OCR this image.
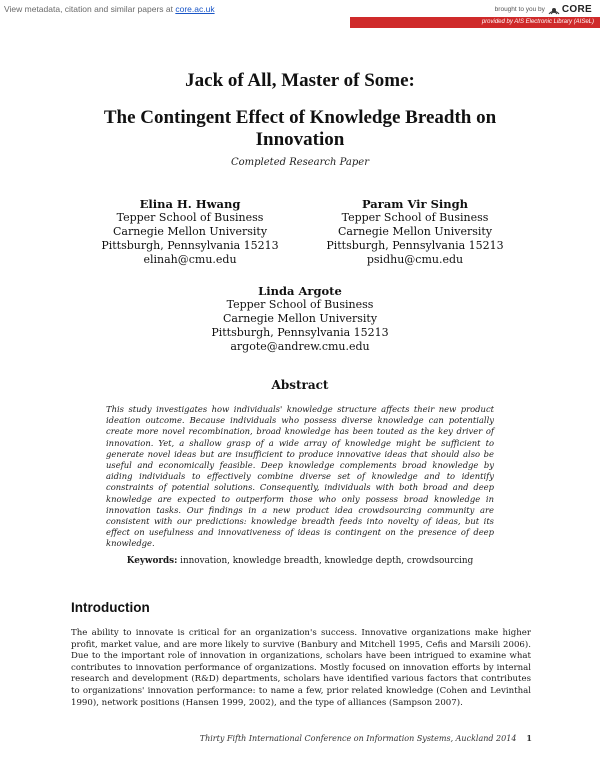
View metadata, citation and similar papers at core.ac.uk	brought to you by CORE
provided by AIS Electronic Library (AISeL)
Jack of All, Master of Some:
The Contingent Effect of Knowledge Breadth on Innovation
Completed Research Paper
Elina H. Hwang
Tepper School of Business
Carnegie Mellon University
Pittsburgh, Pennsylvania 15213
elinah@cmu.edu
Param Vir Singh
Tepper School of Business
Carnegie Mellon University
Pittsburgh, Pennsylvania 15213
psidhu@cmu.edu
Linda Argote
Tepper School of Business
Carnegie Mellon University
Pittsburgh, Pennsylvania 15213
argote@andrew.cmu.edu
Abstract

This study investigates how individuals' knowledge structure affects their new product ideation outcome. Because individuals who possess diverse knowledge can potentially create more novel recombination, broad knowledge has been touted as the key driver of innovation. Yet, a shallow grasp of a wide array of knowledge might be sufficient to generate novel ideas but are insufficient to produce innovative ideas that should also be useful and economically feasible. Deep knowledge complements broad knowledge by aiding individuals to effectively combine diverse set of knowledge and to identify constraints of potential solutions. Consequently, individuals with both broad and deep knowledge are expected to outperform those who only possess broad knowledge in innovation tasks. Our findings in a new product idea crowdsourcing community are consistent with our predictions: knowledge breadth feeds into novelty of ideas, but its effect on usefulness and innovativeness of ideas is contingent on the presence of deep knowledge.

Keywords: innovation, knowledge breadth, knowledge depth, crowdsourcing
Introduction

The ability to innovate is critical for an organization's success. Innovative organizations make higher profit, market value, and are more likely to survive (Banbury and Mitchell 1995, Cefis and Marsili 2006). Due to the important role of innovation in organizations, scholars have been intrigued to examine what contributes to innovation performance of organizations. Mostly focused on innovation efforts by internal research and development (R&D) departments, scholars have identified various factors that contributes to organizations' innovation performance: to name a few, prior related knowledge (Cohen and Levinthal 1990), network positions (Hansen 1999, 2002), and the type of alliances (Sampson 2007).

Thirty Fifth International Conference on Information Systems, Auckland 2014 1
